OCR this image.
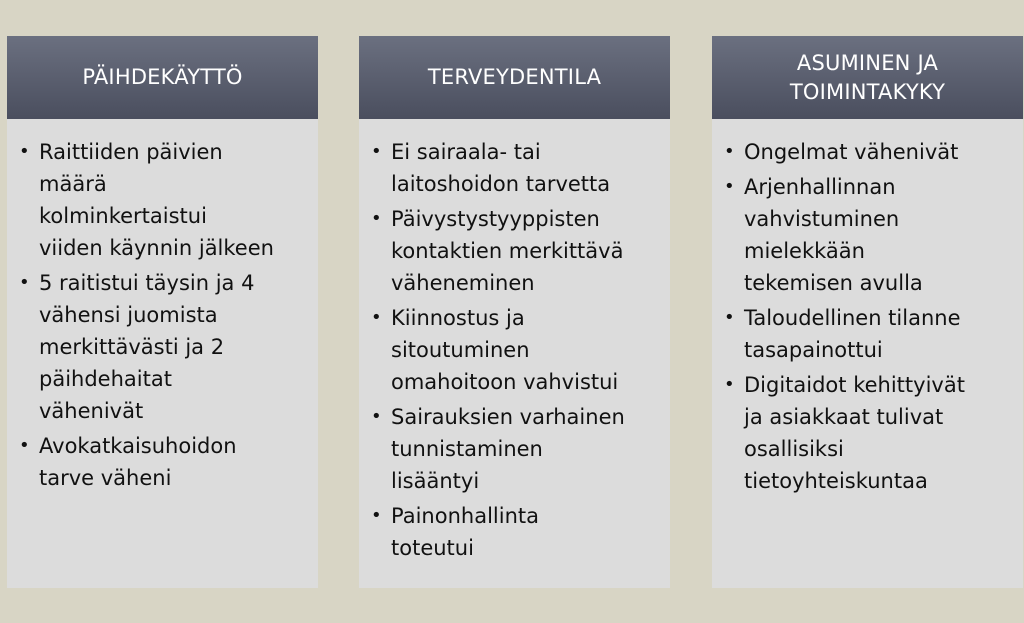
PÄIHDEKÄYTTÖ
• Raittiiden päivien
määrä
kolminkertaistui
viiden käynnin jälkeen
• 5 raitistui täysin ja 4
vähensi juomista
merkittävästi ja 2
päihdehaitat
vähenivät
• Avokatkaisuhoidon
tarve väheni
TERVEYDENTILA
• Ei sairaala- tai
laitoshoidon tarvetta
• Päivystystyyppisten
kontaktien merkittävä
väheneminen
• Kiinnostus ja
sitoutuminen
omahoitoon vahvistui
• Sairauksien varhainen
tunnistaminen
lisääntyi
• Painonhallinta
toteutui
ASUMINEN JA
TOIMINTAKYKY
• Ongelmat vähenivät
• Arjenhallinnan
vahvistuminen
mielekkään
tekemisen avulla
• Taloudellinen tilanne
tasapainottui
• Digitaidot kehittyivät
ja asiakkaat tulivat
osallisiksi
tietoyhteiskuntaa
